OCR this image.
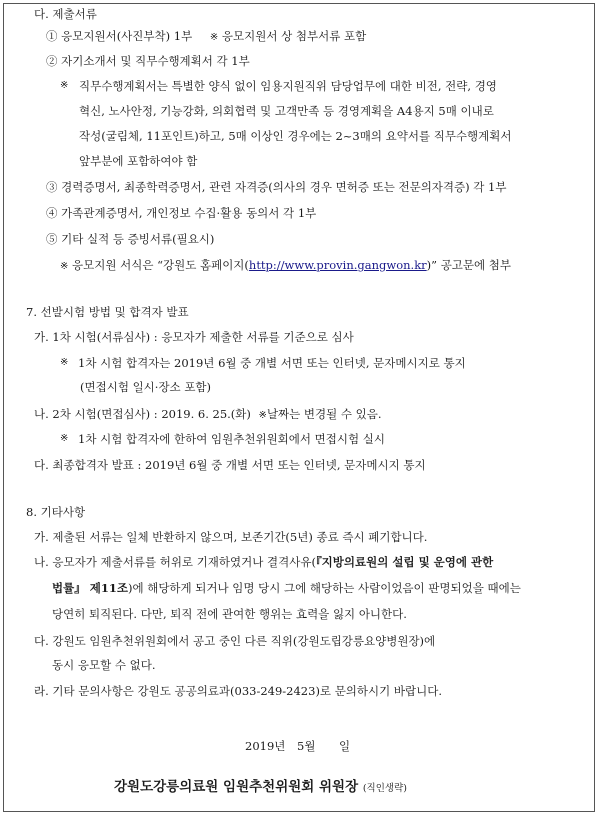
다. 제출서류
① 응모지원서(사진부착) 1부 ※ 응모지원서 상 첨부서류 포함
② 자기소개서 및 직무수행계획서 각 1부
※ 직무수행계획서는 특별한 양식 없이 임용지원직위 담당업무에 대한 비전, 전략, 경영
혁신, 노사안정, 기능강화, 의회협력 및 고객만족 등 경영계획을 A4용지 5매 이내로
작성(굴림체, 11포인트)하고, 5매 이상인 경우에는 2~3매의 요약서를 직무수행계획서
앞부분에 포함하여야 함
③ 경력증명서, 최종학력증명서, 관련 자격증(의사의 경우 면허증 또는 전문의자격증) 각 1부
④ 가족관계증명서, 개인정보 수집·활용 동의서 각 1부
⑤ 기타 실적 등 증빙서류(필요시)
※ 응모지원 서식은 “강원도 홈페이지(http://www.provin.gangwon.kr)” 공고문에 첨부
7. 선발시험 방법 및 합격자 발표
가. 1차 시험(서류심사) : 응모자가 제출한 서류를 기준으로 심사
※ 1차 시험 합격자는 2019년 6월 중 개별 서면 또는 인터넷, 문자메시지로 통지
(면접시험 일시·장소 포함)
나. 2차 시험(면접심사) : 2019. 6. 25.(화) ※날짜는 변경될 수 있음.
※ 1차 시험 합격자에 한하여 임원추천위원회에서 면접시험 실시
다. 최종합격자 발표 : 2019년 6월 중 개별 서면 또는 인터넷, 문자메시지 통지
8. 기타사항
가. 제출된 서류는 일체 반환하지 않으며, 보존기간(5년) 종료 즉시 폐기합니다.
나. 응모자가 제출서류를 허위로 기재하였거나 결격사유(『지방의료원의 설립 및 운영에 관한
법률』 제11조)에 해당하게 되거나 임명 당시 그에 해당하는 사람이었음이 판명되었을 때에는
당연히 퇴직된다. 다만, 퇴직 전에 관여한 행위는 효력을 잃지 아니한다.
다. 강원도 임원추천위원회에서 공고 중인 다른 직위(강원도립강릉요양병원장)에
동시 응모할 수 없다.
라. 기타 문의사항은 강원도 공공의료과(033-249-2423)로 문의하시기 바랍니다.
2019년 5월 일
강원도강릉의료원 임원추천위원회 위원장 (직인생략)
